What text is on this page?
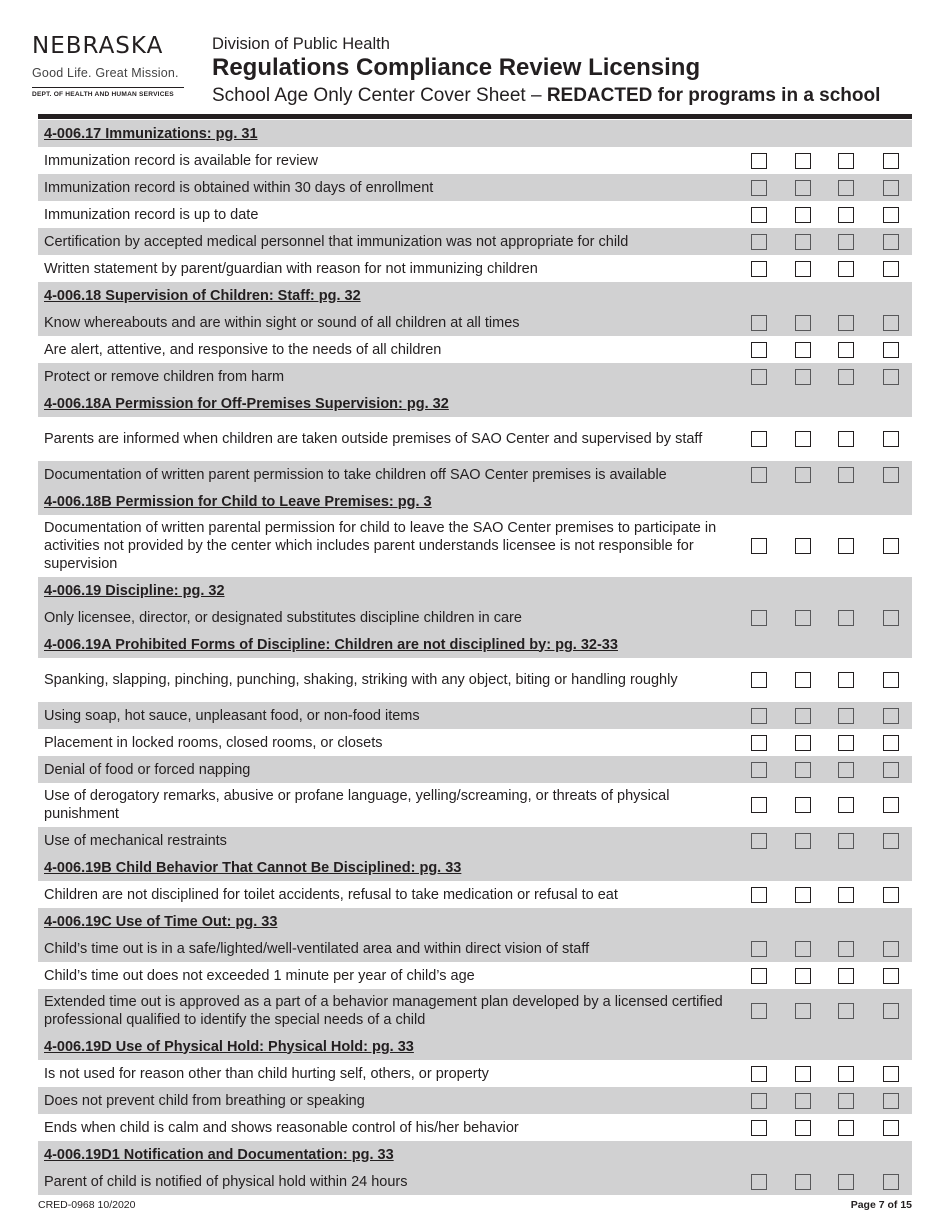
NEBRASKA
Good Life. Great Mission.
DEPT. OF HEALTH AND HUMAN SERVICES
Division of Public Health
Regulations Compliance Review Licensing
School Age Only Center Cover Sheet – REDACTED for programs in a school
4-006.17 Immunizations: pg. 31
Immunization record is available for review
Immunization record is obtained within 30 days of enrollment
Immunization record is up to date
Certification by accepted medical personnel that immunization was not appropriate for child
Written statement by parent/guardian with reason for not immunizing children
4-006.18 Supervision of Children: Staff: pg. 32
Know whereabouts and are within sight or sound of all children at all times
Are alert, attentive, and responsive to the needs of all children
Protect or remove children from harm
4-006.18A Permission for Off-Premises Supervision: pg. 32
Parents are informed when children are taken outside premises of SAO Center and supervised by staff
Documentation of written parent permission to take children off SAO Center premises is available
4-006.18B Permission for Child to Leave Premises: pg. 3
Documentation of written parental permission for child to leave the SAO Center premises to participate in activities not provided by the center which includes parent understands licensee is not responsible for supervision
4-006.19 Discipline: pg. 32
Only licensee, director, or designated substitutes discipline children in care
4-006.19A Prohibited Forms of Discipline: Children are not disciplined by: pg. 32-33
Spanking, slapping, pinching, punching, shaking, striking with any object, biting or handling roughly
Using soap, hot sauce, unpleasant food, or non-food items
Placement in locked rooms, closed rooms, or closets
Denial of food or forced napping
Use of derogatory remarks, abusive or profane language, yelling/screaming, or threats of physical punishment
Use of mechanical restraints
4-006.19B Child Behavior That Cannot Be Disciplined: pg. 33
Children are not disciplined for toilet accidents, refusal to take medication or refusal to eat
4-006.19C Use of Time Out: pg. 33
Child’s time out is in a safe/lighted/well-ventilated area and within direct vision of staff
Child’s time out does not exceeded 1 minute per year of child’s age
Extended time out is approved as a part of a behavior management plan developed by a licensed certified professional qualified to identify the special needs of a child
4-006.19D Use of Physical Hold: Physical Hold: pg. 33
Is not used for reason other than child hurting self, others, or property
Does not prevent child from breathing or speaking
Ends when child is calm and shows reasonable control of his/her behavior
4-006.19D1 Notification and Documentation: pg. 33
Parent of child is notified of physical hold within 24 hours
CRED-0968 10/2020	Page 7 of 15
